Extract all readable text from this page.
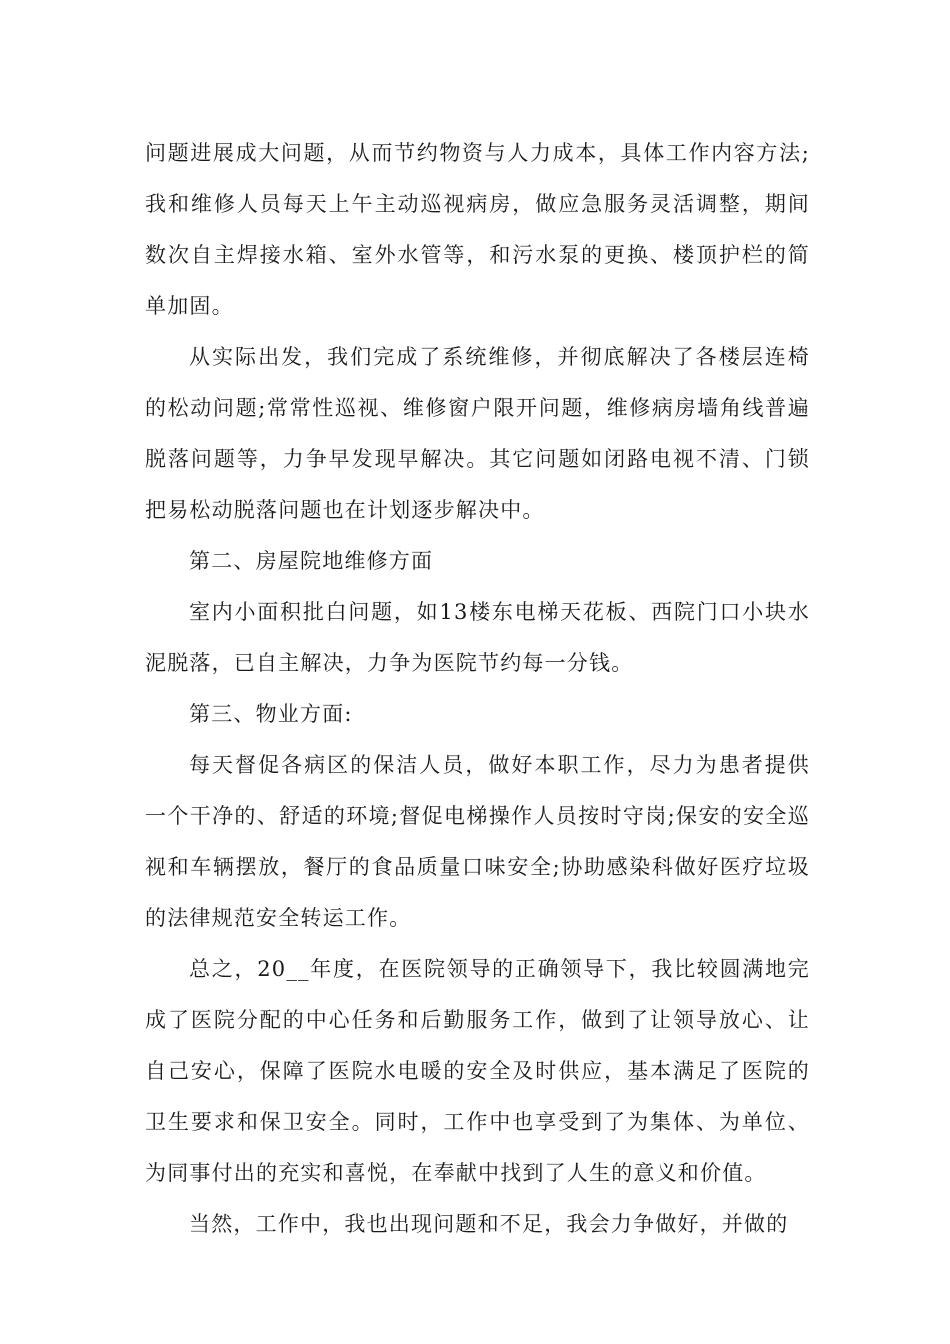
问题进展成大问题，从而节约物资与人力成本，具体工作内容方法;我和维修人员每天上午主动巡视病房，做应急服务灵活调整，期间数次自主焊接水箱、室外水管等，和污水泵的更换、楼顶护栏的简单加固。

从实际出发，我们完成了系统维修，并彻底解决了各楼层连椅的松动问题;常常性巡视、维修窗户限开问题，维修病房墙角线普遍脱落问题等，力争早发现早解决。其它问题如闭路电视不清、门锁把易松动脱落问题也在计划逐步解决中。

第二、房屋院地维修方面

室内小面积批白问题，如13楼东电梯天花板、西院门口小块水泥脱落，已自主解决，力争为医院节约每一分钱。

第三、物业方面:

每天督促各病区的保洁人员，做好本职工作，尽力为患者提供一个干净的、舒适的环境;督促电梯操作人员按时守岗;保安的安全巡视和车辆摆放，餐厅的食品质量口味安全;协助感染科做好医疗垃圾的法律规范安全转运工作。

总之，20__年度，在医院领导的正确领导下，我比较圆满地完成了医院分配的中心任务和后勤服务工作，做到了让领导放心、让自己安心，保障了医院水电暖的安全及时供应，基本满足了医院的卫生要求和保卫安全。同时，工作中也享受到了为集体、为单位、为同事付出的充实和喜悦，在奉献中找到了人生的意义和价值。

当然，工作中，我也出现问题和不足，我会力争做好，并做的
